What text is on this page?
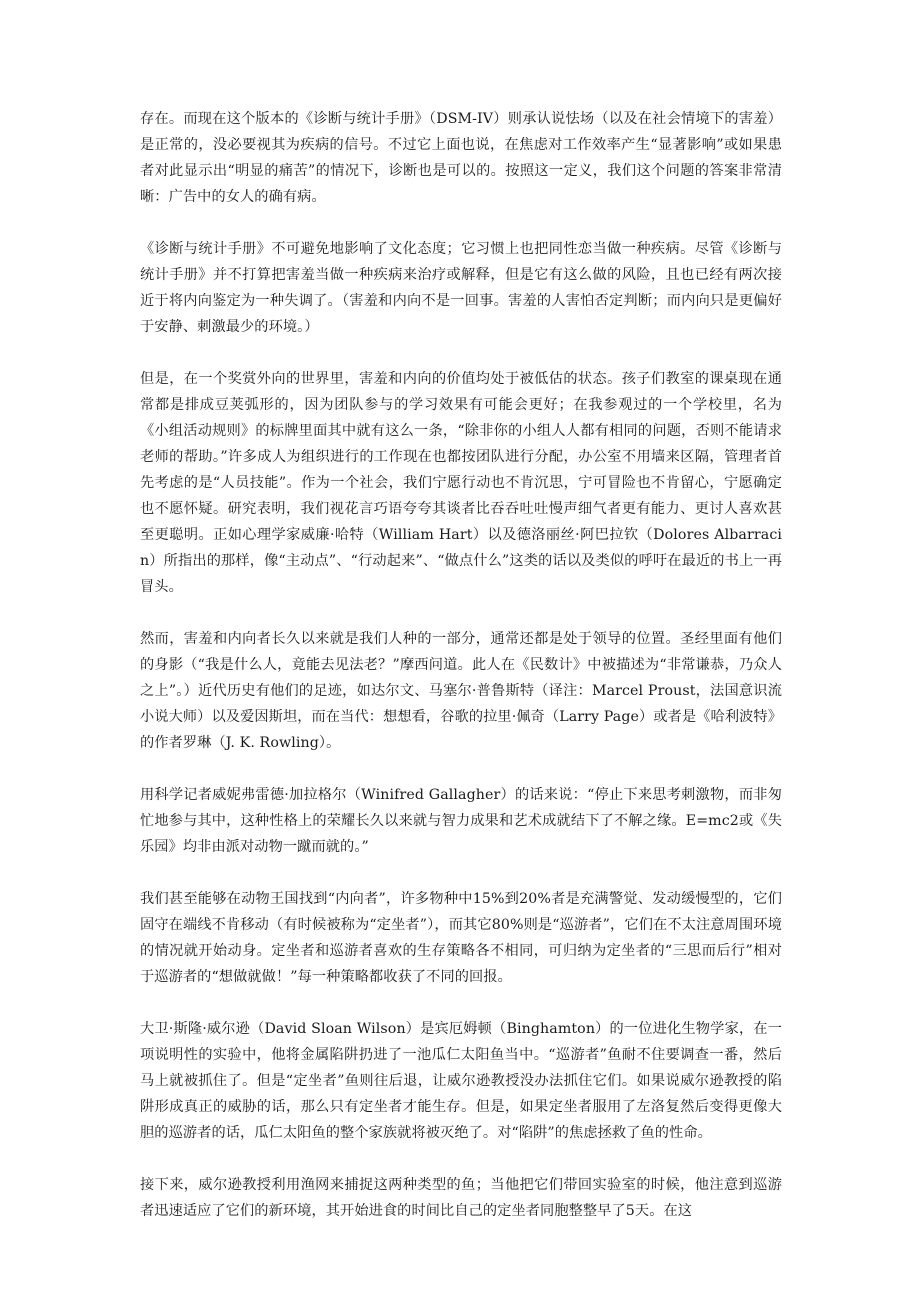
存在。而现在这个版本的《诊断与统计手册》（DSM-IV）则承认说怯场（以及在社会情境下的害羞）是正常的，没必要视其为疾病的信号。不过它上面也说，在焦虑对工作效率产生“显著影响”或如果患者对此显示出“明显的痛苦”的情况下，诊断也是可以的。按照这一定义，我们这个问题的答案非常清晰：广告中的女人的确有病。

《诊断与统计手册》不可避免地影响了文化态度；它习惯上也把同性恋当做一种疾病。尽管《诊断与统计手册》并不打算把害羞当做一种疾病来治疗或解释，但是它有这么做的风险，且也已经有两次接近于将内向鉴定为一种失调了。（害羞和内向不是一回事。害羞的人害怕否定判断；而内向只是更偏好于安静、刺激最少的环境。）

但是，在一个奖赏外向的世界里，害羞和内向的价值均处于被低估的状态。孩子们教室的课桌现在通常都是排成豆荚弧形的，因为团队参与的学习效果有可能会更好；在我参观过的一个学校里，名为《小组活动规则》的标牌里面其中就有这么一条，“除非你的小组人人都有相同的问题，否则不能请求老师的帮助。”许多成人为组织进行的工作现在也都按团队进行分配，办公室不用墙来区隔，管理者首先考虑的是“人员技能”。作为一个社会，我们宁愿行动也不肯沉思，宁可冒险也不肯留心，宁愿确定也不愿怀疑。研究表明，我们视花言巧语夸夸其谈者比吞吞吐吐慢声细气者更有能力、更讨人喜欢甚至更聪明。正如心理学家威廉·哈特（William Hart）以及德洛丽丝·阿巴拉钦（Dolores Albarracin）所指出的那样，像“主动点”、“行动起来”、“做点什么”这类的话以及类似的呼吁在最近的书上一再冒头。

然而，害羞和内向者长久以来就是我们人种的一部分，通常还都是处于领导的位置。圣经里面有他们的身影（“我是什么人，竟能去见法老？”摩西问道。此人在《民数计》中被描述为“非常谦恭，乃众人之上”。）近代历史有他们的足迹，如达尔文、马塞尔·普鲁斯特（译注：Marcel Proust，法国意识流小说大师）以及爱因斯坦，而在当代：想想看，谷歌的拉里·佩奇（Larry Page）或者是《哈利波特》的作者罗琳（J. K. Rowling）。

用科学记者威妮弗雷德·加拉格尔（Winifred Gallagher）的话来说：“停止下来思考刺激物，而非匆忙地参与其中，这种性格上的荣耀长久以来就与智力成果和艺术成就结下了不解之缘。E=mc2或《失乐园》均非由派对动物一蹴而就的。”

我们甚至能够在动物王国找到“内向者”，许多物种中15%到20%者是充满警觉、发动缓慢型的，它们固守在端线不肯移动（有时候被称为“定坐者”），而其它80%则是“巡游者”，它们在不太注意周围环境的情况就开始动身。定坐者和巡游者喜欢的生存策略各不相同，可归纳为定坐者的“三思而后行”相对于巡游者的“想做就做！”每一种策略都收获了不同的回报。

大卫·斯隆·威尔逊（David Sloan Wilson）是宾厄姆顿（Binghamton）的一位进化生物学家，在一项说明性的实验中，他将金属陷阱扔进了一池瓜仁太阳鱼当中。“巡游者”鱼耐不住要调查一番，然后马上就被抓住了。但是“定坐者”鱼则往后退，让威尔逊教授没办法抓住它们。如果说威尔逊教授的陷阱形成真正的威胁的话，那么只有定坐者才能生存。但是，如果定坐者服用了左洛复然后变得更像大胆的巡游者的话，瓜仁太阳鱼的整个家族就将被灭绝了。对“陷阱”的焦虑拯救了鱼的性命。

接下来，威尔逊教授利用渔网来捕捉这两种类型的鱼；当他把它们带回实验室的时候，他注意到巡游者迅速适应了它们的新环境，其开始进食的时间比自己的定坐者同胞整整早了5天。在这
